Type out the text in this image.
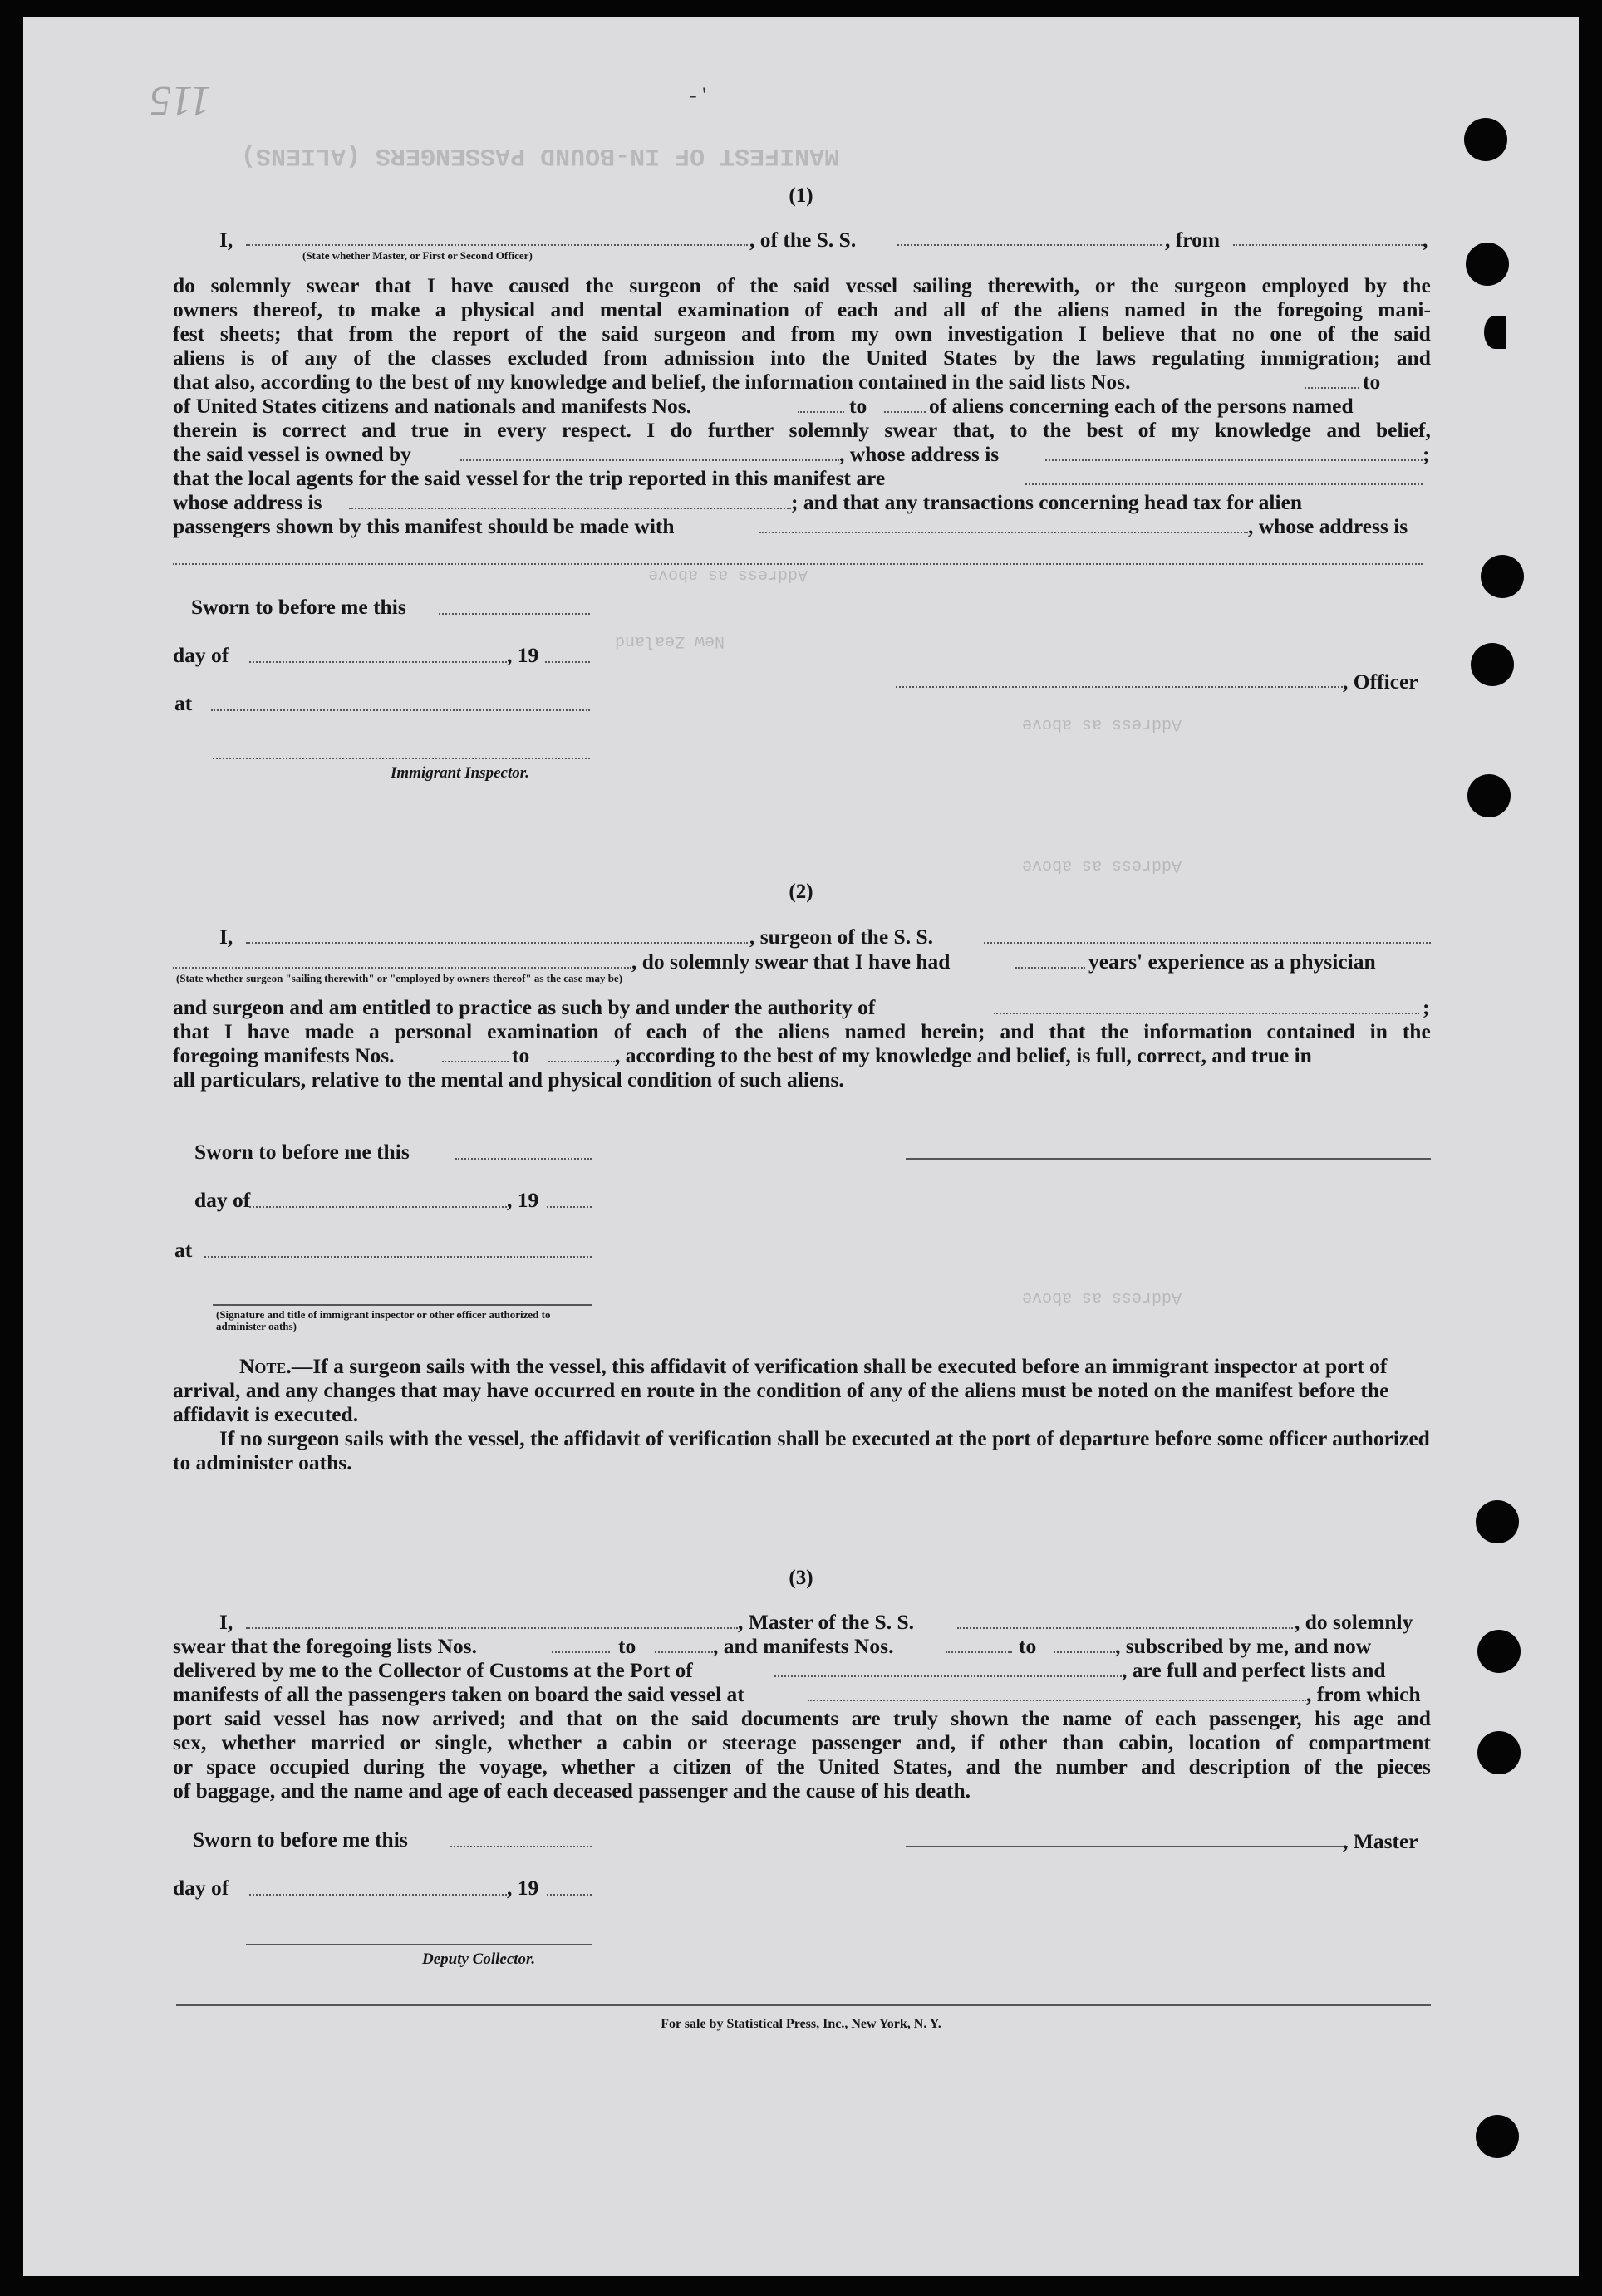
MANIFEST OF IN-BOUND PASSENGERS (ALIENS)
Address as above
New Zealand
Address as above
Address as above
Address as above
115	- '
(1)
I,	, of the S. S.	, from	,
(State whether Master, or First or Second Officer)
do solemnly swear that I have caused the surgeon of the said vessel sailing therewith, or the surgeon employed by the
owners thereof, to make a physical and mental examination of each and all of the aliens named in the foregoing mani-
fest sheets; that from the report of the said surgeon and from my own investigation I believe that no one of the said
aliens is of any of the classes excluded from admission into the United States by the laws regulating immigration; and
that also, according to the best of my knowledge and belief, the information contained in the said lists Nos.	to
of United States citizens and nationals and manifests Nos.	to	of aliens concerning each of the persons named
therein is correct and true in every respect. I do further solemnly swear that, to the best of my knowledge and belief,
the said vessel is owned by	, whose address is	;
that the local agents for the said vessel for the trip reported in this manifest are
whose address is	; and that any transactions concerning head tax for alien
passengers shown by this manifest should be made with	, whose address is
Sworn to before me this
day of	, 19
at
Immigrant Inspector.
, Officer
(2)
I,	, surgeon of the S. S.
, do solemnly swear that I have had	years' experience as a physician
(State whether surgeon "sailing therewith" or "employed by owners thereof" as the case may be)
and surgeon and am entitled to practice as such by and under the authority of	;
that I have made a personal examination of each of the aliens named herein; and that the information contained in the
foregoing manifests Nos.	to	, according to the best of my knowledge and belief, is full, correct, and true in
all particulars, relative to the mental and physical condition of such aliens.
Sworn to before me this
day of	, 19
at
(Signature and title of immigrant inspector or other officer authorized to administer oaths)
Note.—If a surgeon sails with the vessel, this affidavit of verification shall be executed before an immigrant inspector at port of arrival, and any changes that may have occurred en route in the condition of any of the aliens must be noted on the manifest before the affidavit is executed.
If no surgeon sails with the vessel, the affidavit of verification shall be executed at the port of departure before some officer authorized to administer oaths.
(3)
I,	, Master of the S. S.	, do solemnly
swear that the foregoing lists Nos.	to	, and manifests Nos.	to	, subscribed by me, and now
delivered by me to the Collector of Customs at the Port of	, are full and perfect lists and
manifests of all the passengers taken on board the said vessel at	, from which
port said vessel has now arrived; and that on the said documents are truly shown the name of each passenger, his age and
sex, whether married or single, whether a cabin or steerage passenger and, if other than cabin, location of compartment
or space occupied during the voyage, whether a citizen of the United States, and the number and description of the pieces
of baggage, and the name and age of each deceased passenger and the cause of his death.
Sworn to before me this	, Master
day of	, 19
Deputy Collector.
For sale by Statistical Press, Inc., New York, N. Y.
